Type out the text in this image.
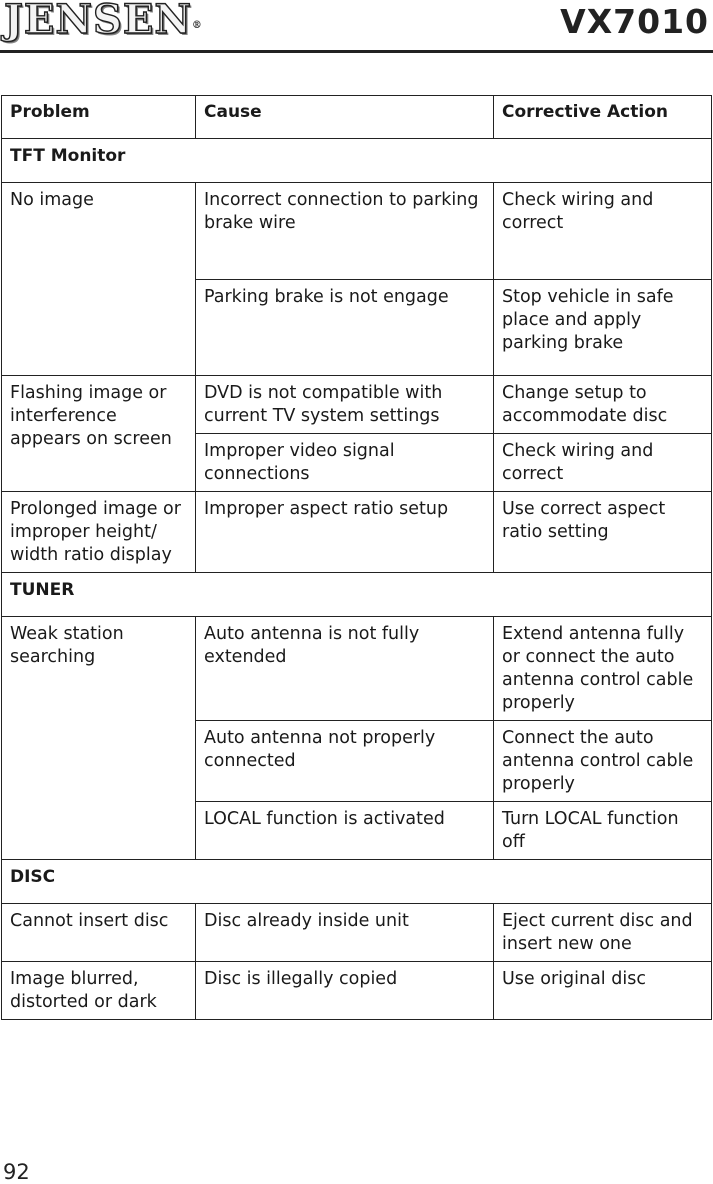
JENSEN®	VX7010
Problem	Cause	Corrective Action
TFT Monitor		
No image	Incorrect connection to parking brake wire	Check wiring and correct
	Parking brake is not engage	Stop vehicle in safe place and apply parking brake
Flashing image or interference appears on screen	DVD is not compatible with current TV system settings	Change setup to accommodate disc
	Improper video signal connections	Check wiring and correct
Prolonged image or improper height/ width ratio display	Improper aspect ratio setup	Use correct aspect ratio setting
TUNER		
Weak station searching	Auto antenna is not fully extended	Extend antenna fully or connect the auto antenna control cable properly
	Auto antenna not properly connected	Connect the auto antenna control cable properly
	LOCAL function is activated	Turn LOCAL function off
DISC		
Cannot insert disc	Disc already inside unit	Eject current disc and insert new one
Image blurred, distorted or dark	Disc is illegally copied	Use original disc
92
